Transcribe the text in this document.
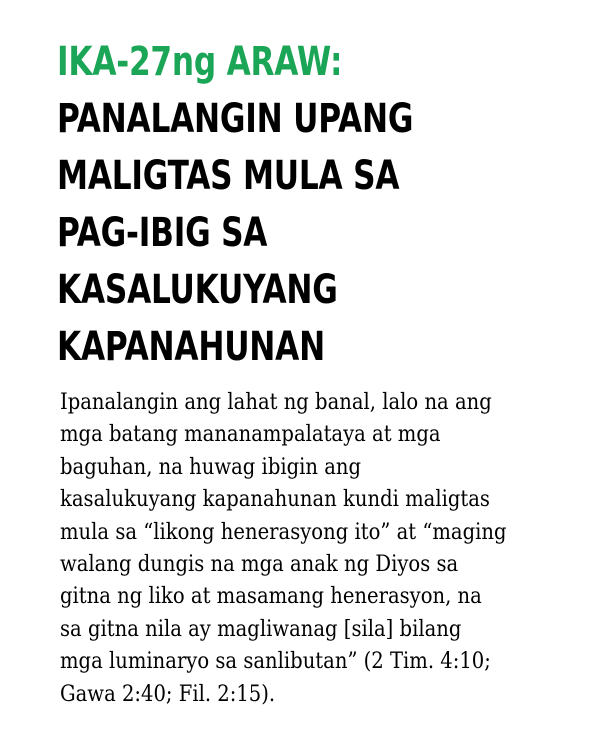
IKA-27ng ARAW:
PANALANGIN UPANG
MALIGTAS MULA SA
PAG-IBIG SA
KASALUKUYANG
KAPANAHUNAN

Ipanalangin ang lahat ng banal, lalo na ang
mga batang mananampalataya at mga
baguhan, na huwag ibigin ang
kasalukuyang kapanahunan kundi maligtas
mula sa “likong henerasyong ito” at “maging
walang dungis na mga anak ng Diyos sa
gitna ng liko at masamang henerasyon, na
sa gitna nila ay magliwanag [sila] bilang
mga luminaryo sa sanlibutan” (2 Tim. 4:10;
Gawa 2:40; Fil. 2:15).
